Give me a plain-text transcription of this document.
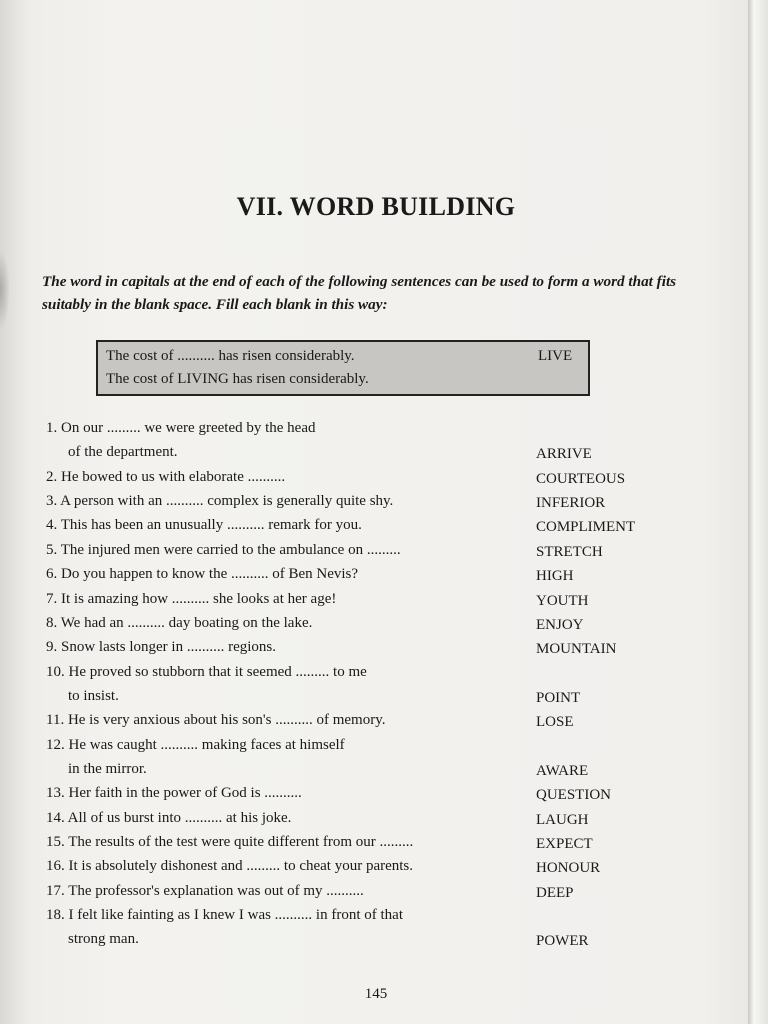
VII. WORD BUILDING

The word in capitals at the end of each of the following sentences can be used to form a word that fits suitably in the blank space. Fill each blank in this way:

The cost of .......... has risen considerably.
The cost of LIVING has risen considerably.
LIVE
1. On our ......... we were greeted by the head
of the department.	ARRIVE
2. He bowed to us with elaborate ..........	COURTEOUS
3. A person with an .......... complex is generally quite shy.	INFERIOR
4. This has been an unusually .......... remark for you.	COMPLIMENT
5. The injured men were carried to the ambulance on .........	STRETCH
6. Do you happen to know the .......... of Ben Nevis?	HIGH
7. It is amazing how .......... she looks at her age!	YOUTH
8. We had an .......... day boating on the lake.	ENJOY
9. Snow lasts longer in .......... regions.	MOUNTAIN
10. He proved so stubborn that it seemed ......... to me
to insist.	POINT
11. He is very anxious about his son's .......... of memory.	LOSE
12. He was caught .......... making faces at himself
in the mirror.	AWARE
13. Her faith in the power of God is ..........	QUESTION
14. All of us burst into .......... at his joke.	LAUGH
15. The results of the test were quite different from our .........	EXPECT
16. It is absolutely dishonest and ......... to cheat your parents.	HONOUR
17. The professor's explanation was out of my ..........	DEEP
18. I felt like fainting as I knew I was .......... in front of that
strong man.	POWER
145
